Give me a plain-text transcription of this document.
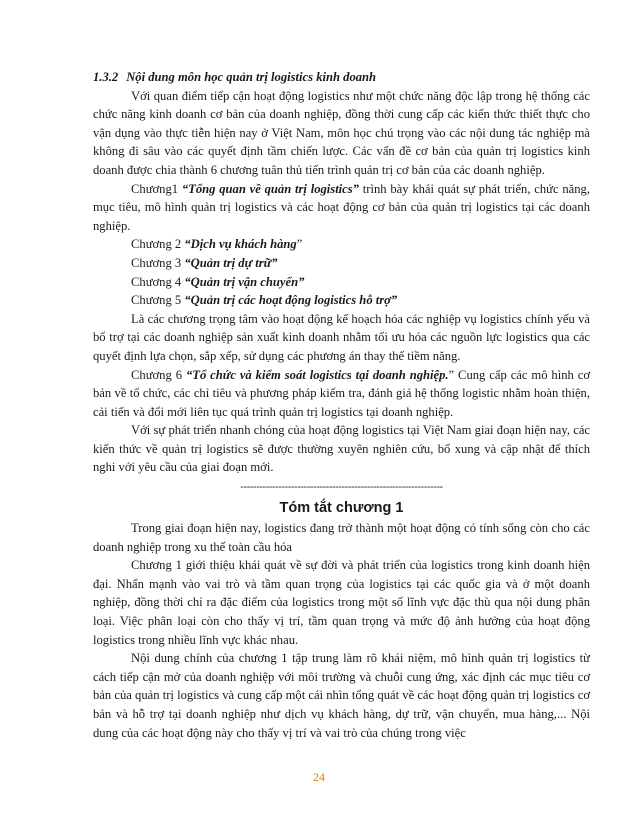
1.3.2 Nội dung môn học quản trị logistics kinh doanh

Với quan điểm tiếp cận hoạt động logistics như một chức năng độc lập trong hệ thống các chức năng kinh doanh cơ bản của doanh nghiệp, đồng thời cung cấp các kiến thức thiết thực cho vận dụng vào thực tiễn hiện nay ở Việt Nam, môn học chú trọng vào các nội dung tác nghiệp mà không đi sâu vào các quyết định tầm chiến lược. Các vấn đề cơ bản của quản trị logistics kinh doanh được chia thành 6 chương tuân thủ tiến trình quản trị cơ bản của các doanh nghiệp.

Chương1 “Tổng quan về quản trị logistics” trình bày khái quát sự phát triển, chức năng, mục tiêu, mô hình quản trị logistics và các hoạt động cơ bản của quản trị logistics tại các doanh nghiệp.

Chương 2 “Dịch vụ khách hàng”

Chương 3 “Quản trị dự trữ”

Chương 4 “Quản trị vận chuyển”

Chương 5 “Quản trị các hoạt động logistics hỗ trợ”

Là các chương trọng tâm vào hoạt động kế hoạch hóa các nghiệp vụ logistics chính yếu và bổ trợ tại các doanh nghiệp sản xuất kinh doanh nhằm tối ưu hóa các nguồn lực logistics qua các quyết định lựa chọn, sắp xếp, sử dụng các phương án thay thế tiềm năng.

Chương 6 “Tổ chức và kiểm soát logistics tại doanh nghiệp.” Cung cấp các mô hình cơ bản về tổ chức, các chỉ tiêu và phương pháp kiểm tra, đánh giá hệ thống logistic nhằm hoàn thiện, cải tiến và đổi mới liên tục quá trình quản trị logistics tại doanh nghiệp.

Với sự phát triển nhanh chóng của hoạt động logistics tại Việt Nam giai đoạn hiện nay, các kiến thức về quản trị logistics sẽ được thường xuyên nghiên cứu, bổ xung và cập nhật để thích nghi với yêu cầu của giai đoạn mới.

----------------------------------------------------------------

Tóm tắt chương 1

Trong giai đoạn hiện nay, logistics đang trở thành một hoạt động có tính sống còn cho các doanh nghiệp trong xu thế toàn cầu hóa

Chương 1 giới thiệu khái quát về sự đời và phát triển của logistics trong kinh doanh hiện đại. Nhấn mạnh vào vai trò và tầm quan trọng của logistics tại các quốc gia và ở một doanh nghiệp, đồng thời chỉ ra đặc điểm của logistics trong một số lĩnh vực đặc thù qua nội dung phân loại. Việc phân loại còn cho thấy vị trí, tầm quan trọng và mức độ ảnh hưởng của hoạt động logistics trong nhiều lĩnh vực khác nhau.

Nội dung chính của chương 1 tập trung làm rõ khái niệm, mô hình quản trị logistics từ cách tiếp cận mở của doanh nghiệp với môi trường và chuỗi cung ứng, xác định các mục tiêu cơ bản của quản trị logistics và cung cấp một cái nhìn tổng quát về các hoạt động quản trị logistics cơ bản và hỗ trợ tại doanh nghiệp như dịch vụ khách hàng, dự trữ, vận chuyển, mua hàng,... Nội dung của các hoạt động này cho thấy vị trí và vai trò của chúng trong việc

24
